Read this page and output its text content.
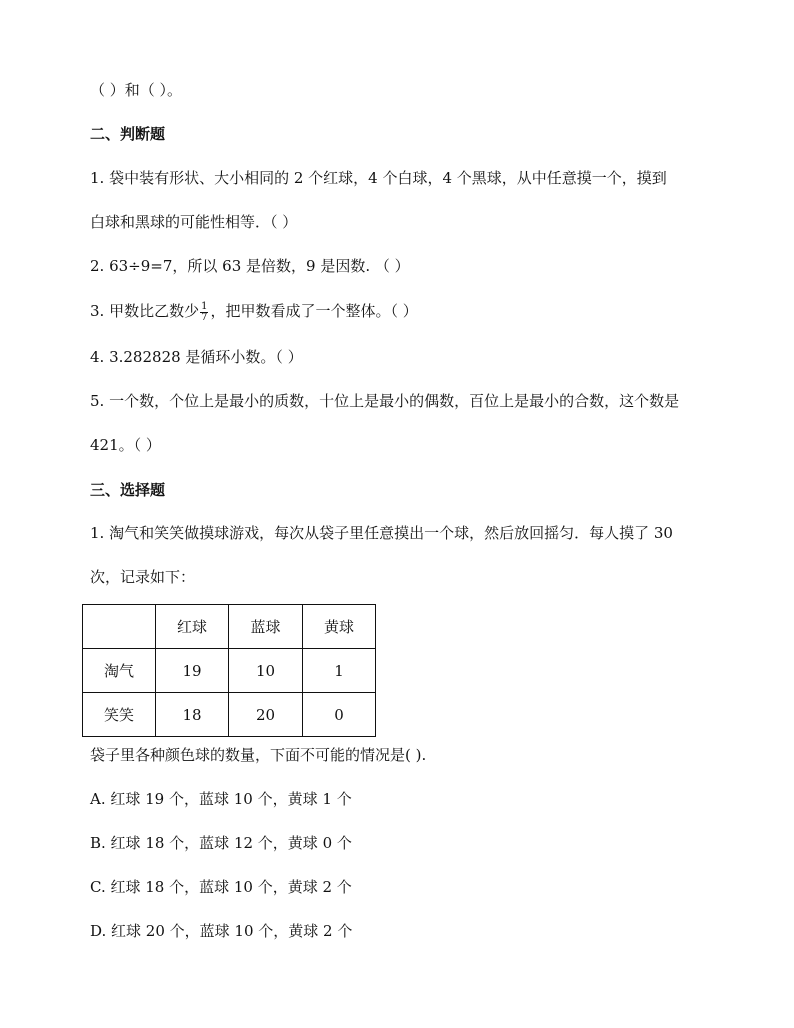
（ ）和（ ）。
二、判断题
1. 袋中装有形状、大小相同的 2 个红球，4 个白球，4 个黑球，从中任意摸一个，摸到
白球和黑球的可能性相等．（ ）
2. 63÷9=7，所以 63 是倍数，9 是因数. （ ）
3. 甲数比乙数少 $\frac{1}{7}$ ，把甲数看成了一个整体。（ ）
4. 3.282828 是循环小数。（ ）
5. 一个数，个位上是最小的质数，十位上是最小的偶数，百位上是最小的合数，这个数是
421。（ ）
三、选择题
1. 淘气和笑笑做摸球游戏，每次从袋子里任意摸出一个球，然后放回摇匀．每人摸了 30
次，记录如下：
	红球	蓝球	黄球
淘气	19	10	1
笑笑	18	20	0
袋子里各种颜色球的数量，下面不可能的情况是( ).
A. 红球 19 个，蓝球 10 个，黄球 1 个
B. 红球 18 个，蓝球 12 个，黄球 0 个
C. 红球 18 个，蓝球 10 个，黄球 2 个
D. 红球 20 个，蓝球 10 个，黄球 2 个
